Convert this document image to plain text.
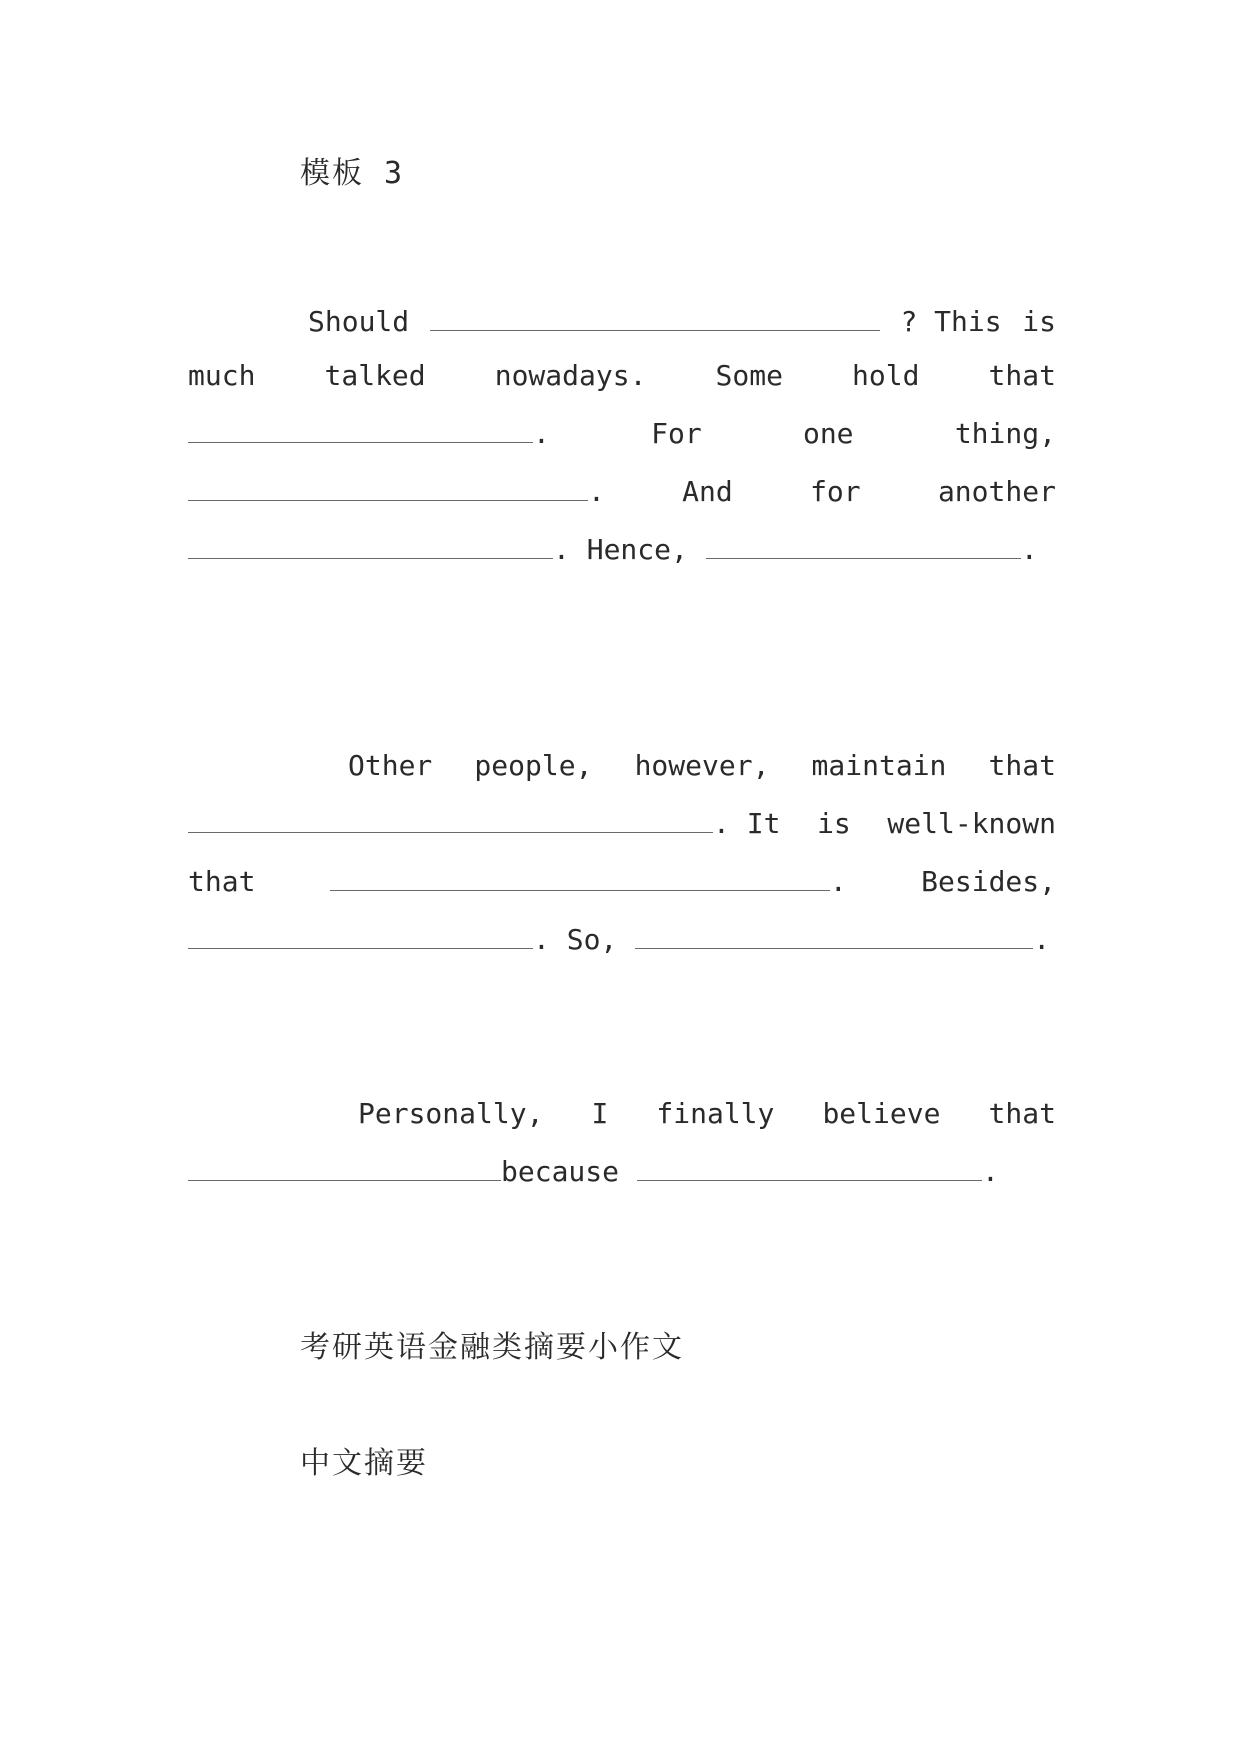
模板 3
Should	? This is
much talked nowadays. Some hold that
.	For	one	thing,
.	And	for	another
. Hence,	.
Other people, however, maintain that
. It is well-known
that	.	Besides,
. So,	.
Personally, I finally believe that
because	.
考研英语金融类摘要小作文
中文摘要
